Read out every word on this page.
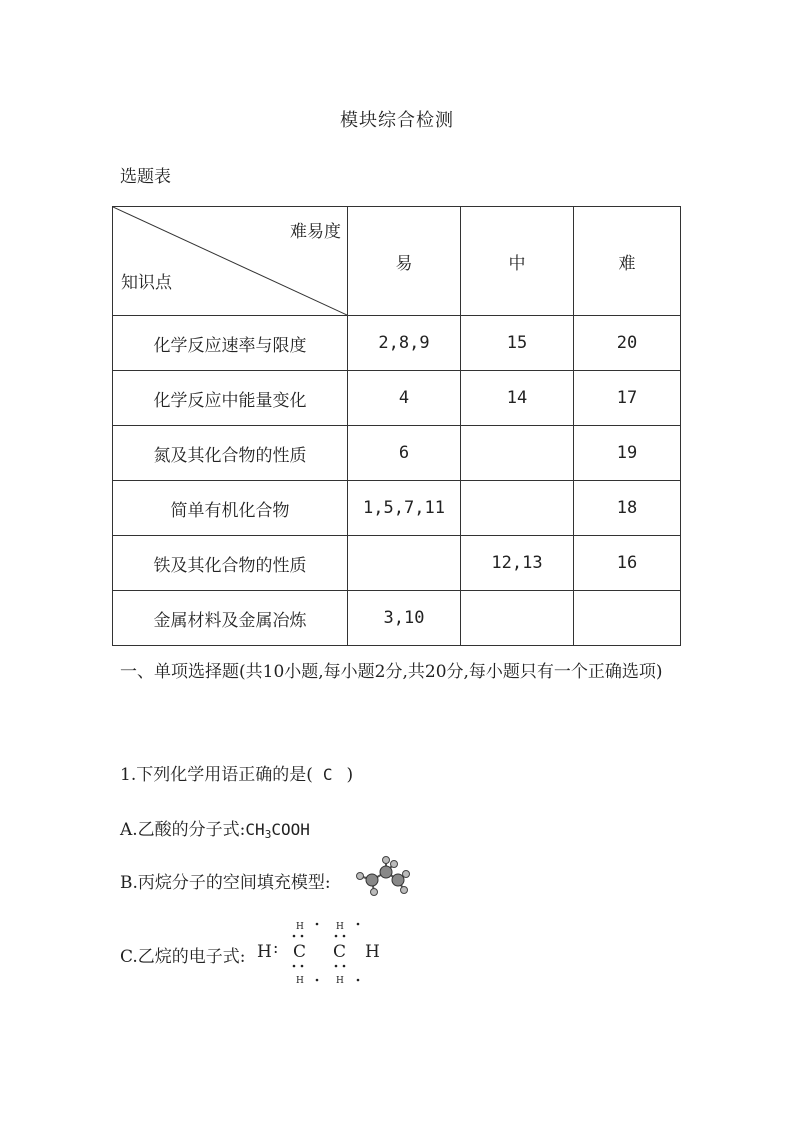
模块综合检测
选题表
难易度
知识点	易	中	难
化学反应速率与限度	2,8,9	15	20
化学反应中能量变化	4	14	17
氮及其化合物的性质	6		19
简单有机化合物	1,5,7,11		18
铁及其化合物的性质		12,13	16
金属材料及金属冶炼	3,10		
一、单项选择题(共10小题,每小题2分,共20分,每小题只有一个正确选项)
1.下列化学用语正确的是( C )
A.乙酸的分子式$:CH_3COOH$
B.丙烷分子的空间填充模型:
C.乙烷的电子式: H : C C H
H	H
H	H
